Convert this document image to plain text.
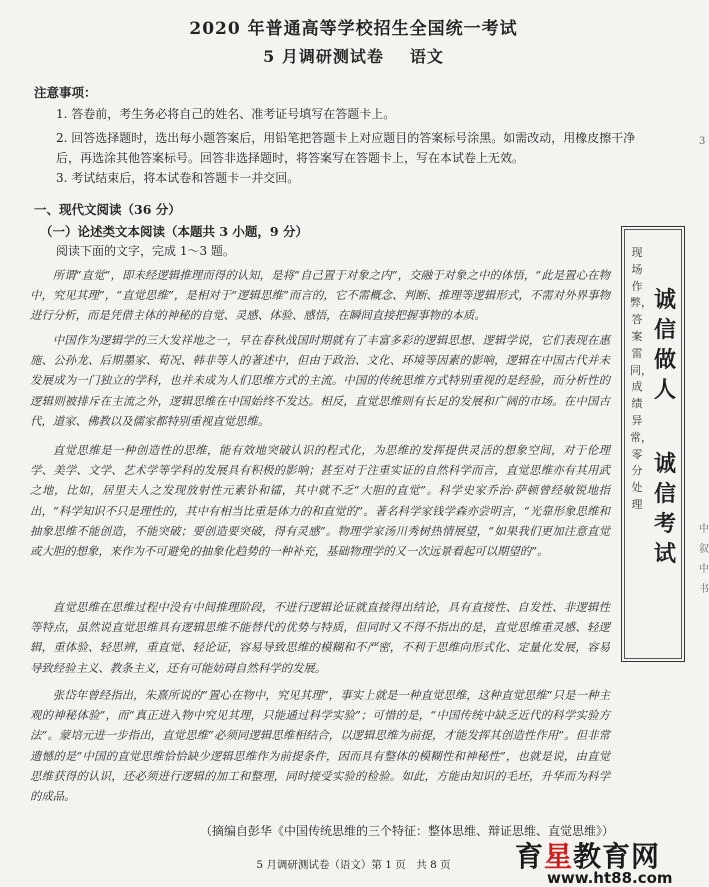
2020 年普通高等学校招生全国统一考试
5 月调研测试卷 语文
注意事项：
1. 答卷前，考生务必将自己的姓名、准考证号填写在答题卡上。
2. 回答选择题时，选出每小题答案后，用铅笔把答题卡上对应题目的答案标号涂黑。如需改动，用橡皮擦干净后，再选涂其他答案标号。回答非选择题时，将答案写在答题卡上，写在本试卷上无效。
3. 考试结束后，将本试卷和答题卡一并交回。
一、现代文阅读（36 分）
（一）论述类文本阅读（本题共 3 小题，9 分）
阅读下面的文字，完成 1～3 题。

所谓“直觉”，即未经逻辑推理而得的认知，是将“自己置于对象之内”，交融于对象之中的体悟，“此是置心在物中，究见其理”，“直觉思维”，是相对于“逻辑思维”而言的，它不需概念、判断、推理等逻辑形式，不需对外界事物进行分析，而是凭借主体的神秘的自觉、灵感、体验、感悟，在瞬间直接把握事物的本质。

中国作为逻辑学的三大发祥地之一，早在春秋战国时期就有了丰富多彩的逻辑思想、逻辑学说，它们表现在惠施、公孙龙、后期墨家、荀况、韩非等人的著述中，但由于政治、文化、环境等因素的影响，逻辑在中国古代并未发展成为一门独立的学科，也并未成为人们思维方式的主流。中国的传统思维方式特别重视的是经验，而分析性的逻辑则被排斥在主流之外，逻辑思维在中国始终不发达。相反，直觉思维则有长足的发展和广阔的市场。在中国古代，道家、佛教以及儒家都特别重视直觉思维。

直觉思维是一种创造性的思维，能有效地突破认识的程式化，为思维的发挥提供灵活的想象空间，对于伦理学、美学、文学、艺术学等学科的发展具有积极的影响；甚至对于注重实证的自然科学而言，直觉思维亦有其用武之地，比如，居里夫人之发现放射性元素钋和镭，其中就不乏“大胆的直觉”。科学史家乔治·萨顿曾经敏锐地指出，“科学知识不只是理性的，其中有相当比重是体力的和直觉的”。著名科学家钱学森亦尝明言，“光靠形象思维和抽象思维不能创造，不能突破；要创造要突破，得有灵感”。物理学家汤川秀树热情展望，“如果我们更加注意直觉或大胆的想象，来作为不可避免的抽象化趋势的一种补充，基础物理学的又一次远景看起可以期望的”。

直觉思维在思维过程中没有中间推理阶段，不进行逻辑论证就直接得出结论，具有直接性、自发性、非逻辑性等特点，虽然说直觉思维具有逻辑思维不能替代的优势与特质，但同时又不得不指出的是，直觉思维重灵感、轻逻辑，重体验、轻思辨，重直觉、轻论证，容易导致思维的模糊和不严密，不利于思维向形式化、定量化发展，容易导致经验主义、教条主义，还有可能妨碍自然科学的发展。

张岱年曾经指出，朱熹所说的“置心在物中，究见其理”，事实上就是一种直觉思维，这种直觉思维“只是一种主观的神秘体验”，而“真正进入物中究见其理，只能通过科学实验”；可惜的是，“中国传统中缺乏近代的科学实验方法”。蒙培元进一步指出，直觉思维“必须同逻辑思维相结合，以逻辑思维为前提，才能发挥其创造性作用”。但非常遗憾的是“中国的直觉思维恰恰缺少逻辑思维作为前提条件，因而具有整体的模糊性和神秘性”，也就是说，由直觉思维获得的认识，还必须进行逻辑的加工和整理，同时接受实验的检验。如此，方能由知识的毛坯，升华而为科学的成品。

（摘编自彭华《中国传统思维的三个特征：整体思维、辩证思维、直觉思维》）
现场作弊，答案雷同，成绩异常，零分处理
诚信做人
诚信考试
5 月调研测试卷（语文）第 1 页　共 8 页	育星教育网
www.ht88.com
3
中
叙
中
书
